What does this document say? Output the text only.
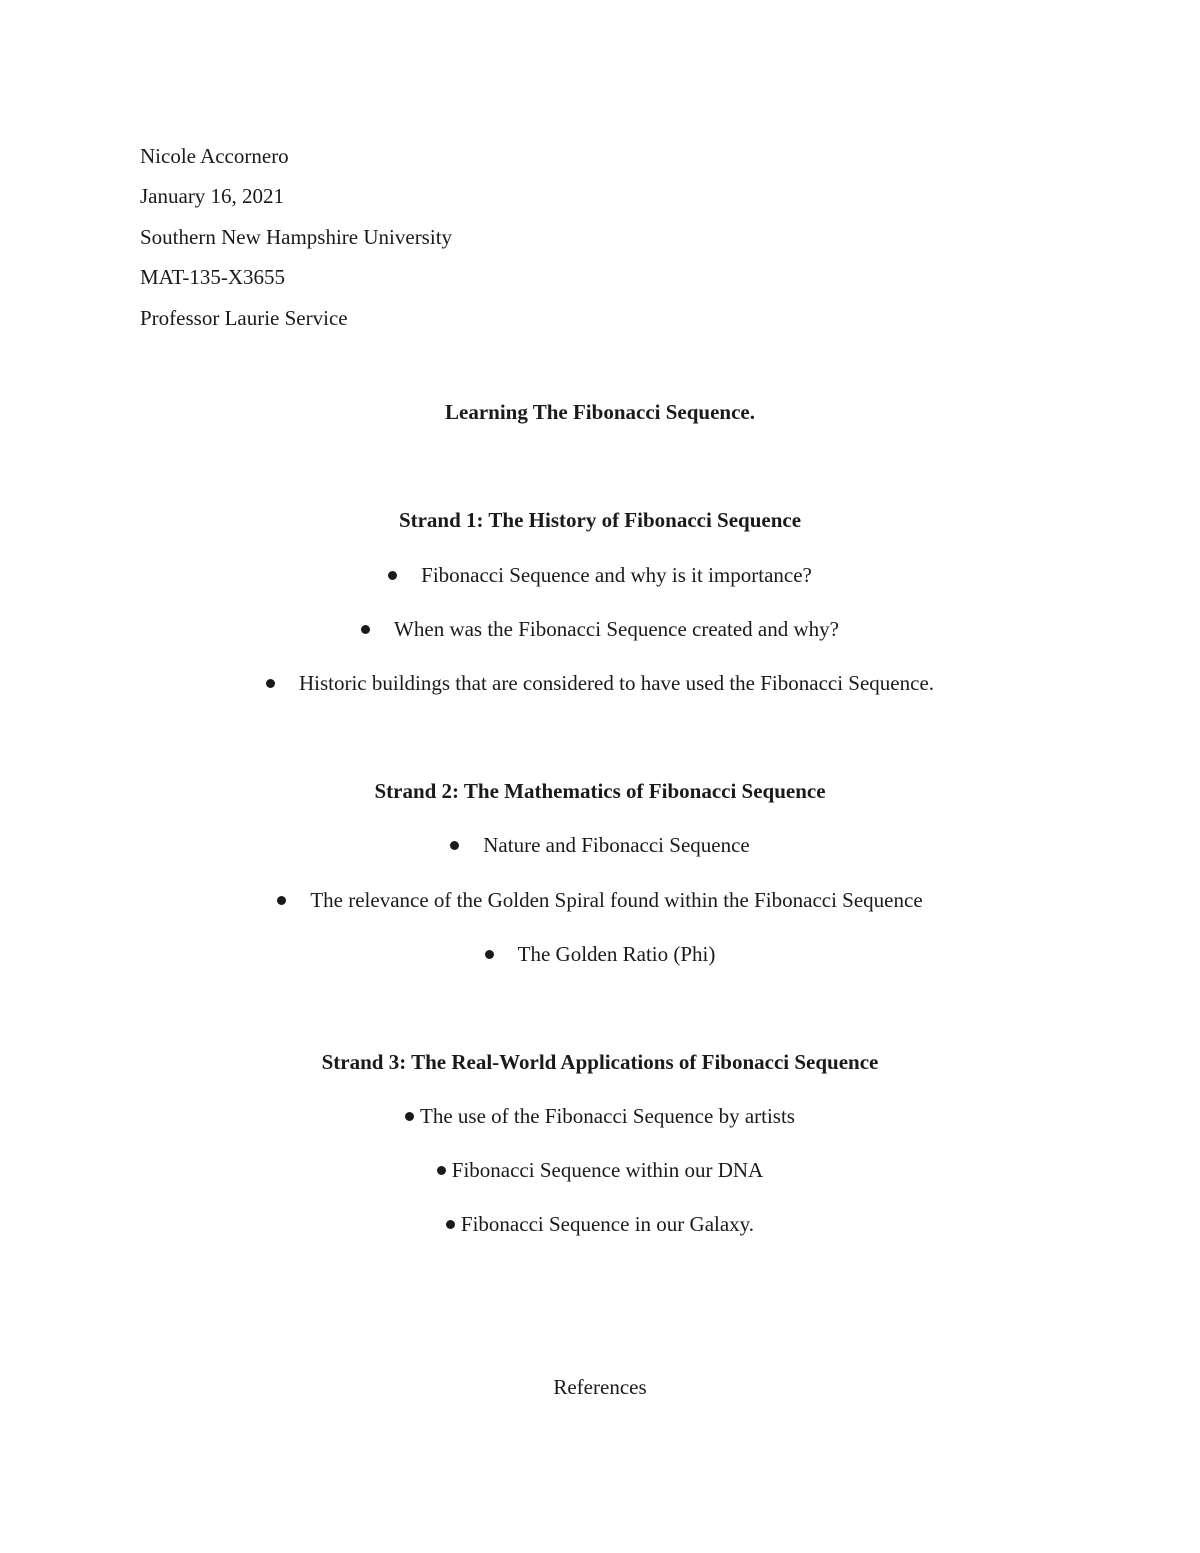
Nicole Accornero
January 16, 2021
Southern New Hampshire University
MAT-135-X3655
Professor Laurie Service
Learning The Fibonacci Sequence.
Strand 1: The History of Fibonacci Sequence
Fibonacci Sequence and why is it importance?
When was the Fibonacci Sequence created and why?
Historic buildings that are considered to have used the Fibonacci Sequence.
Strand 2: The Mathematics of Fibonacci Sequence
Nature and Fibonacci Sequence
The relevance of the Golden Spiral found within the Fibonacci Sequence
The Golden Ratio (Phi)
Strand 3: The Real-World Applications of Fibonacci Sequence
The use of the Fibonacci Sequence by artists
Fibonacci Sequence within our DNA
Fibonacci Sequence in our Galaxy.
References
